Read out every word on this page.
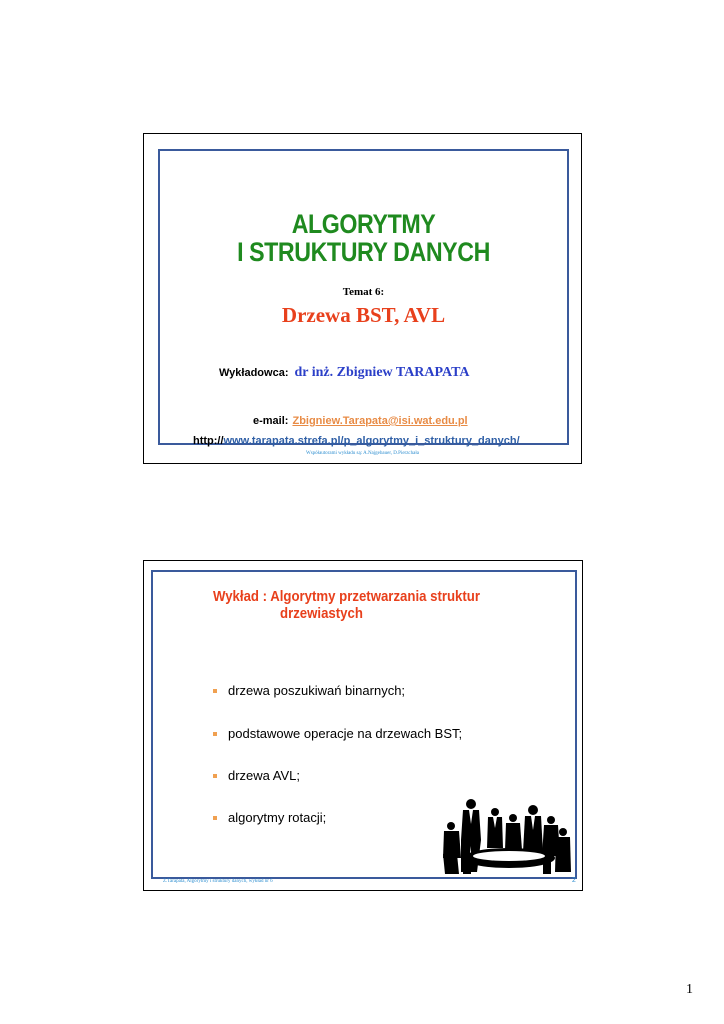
ALGORYTMY
I STRUKTURY DANYCH
Temat 6:
Drzewa BST, AVL
Wykładowca: dr inż. Zbigniew TARAPATA
e-mail: Zbigniew.Tarapata@isi.wat.edu.pl
http://www.tarapata.strefa.pl/p_algorytmy_i_struktury_danych/
Współautorami wykładu są: A.Najgebauer, D.Pierzchała
Wykład : Algorytmy przetwarzania struktur
drzewiastych
drzewa poszukiwań binarnych;
podstawowe operacje na drzewach BST;
drzewa AVL;
algorytmy rotacji;
Z.Tarapata, Algorytmy i struktury danych, wykład nr 6	2
1
